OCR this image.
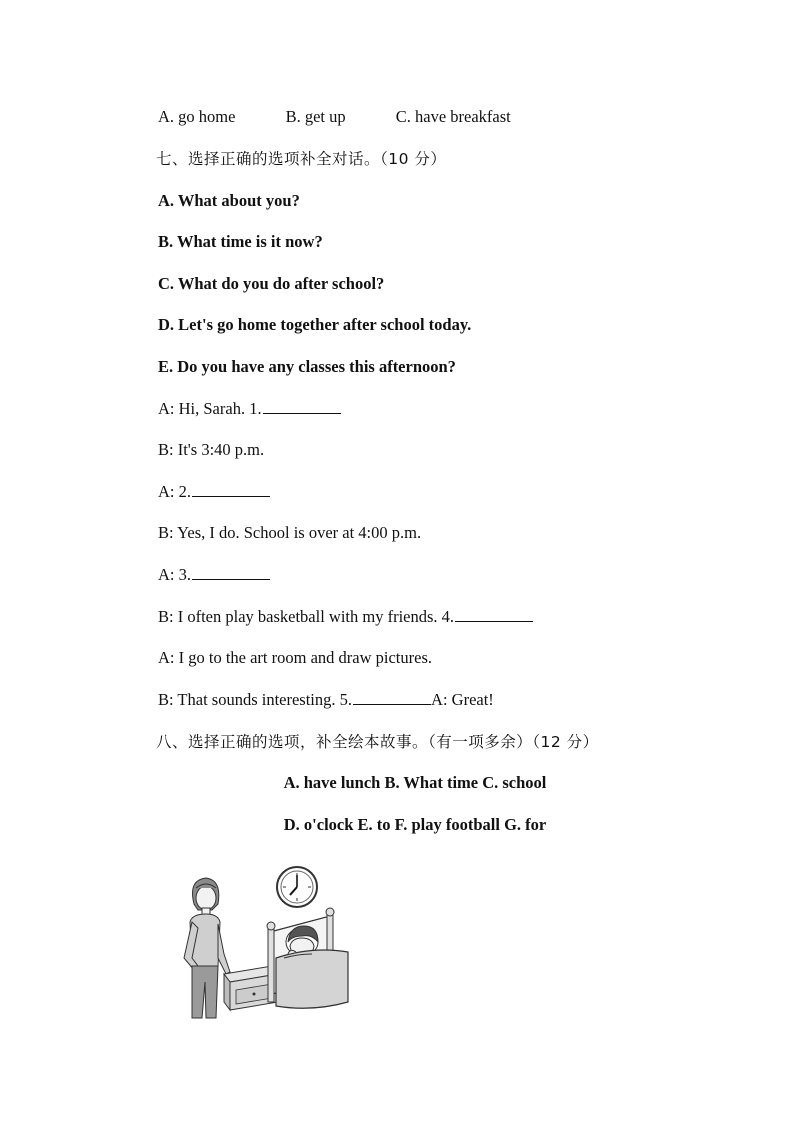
A. go home	B. get up	C. have breakfast
七、选择正确的选项补全对话。（10 分）
A. What about you?
B. What time is it now?
C. What do you do after school?
D. Let's go home together after school today.
E. Do you have any classes this afternoon?
A: Hi, Sarah. 1.
B: It's 3:40 p.m.
A: 2.
B: Yes, I do. School is over at 4:00 p.m.
A: 3.
B: I often play basketball with my friends. 4.
A: I go to the art room and draw pictures.
B: That sounds interesting. 5.	A: Great!
八、选择正确的选项，补全绘本故事。（有一项多余）（12 分）
A. have lunch B. What time C. school
D. o'clock E. to F. play football G. for
